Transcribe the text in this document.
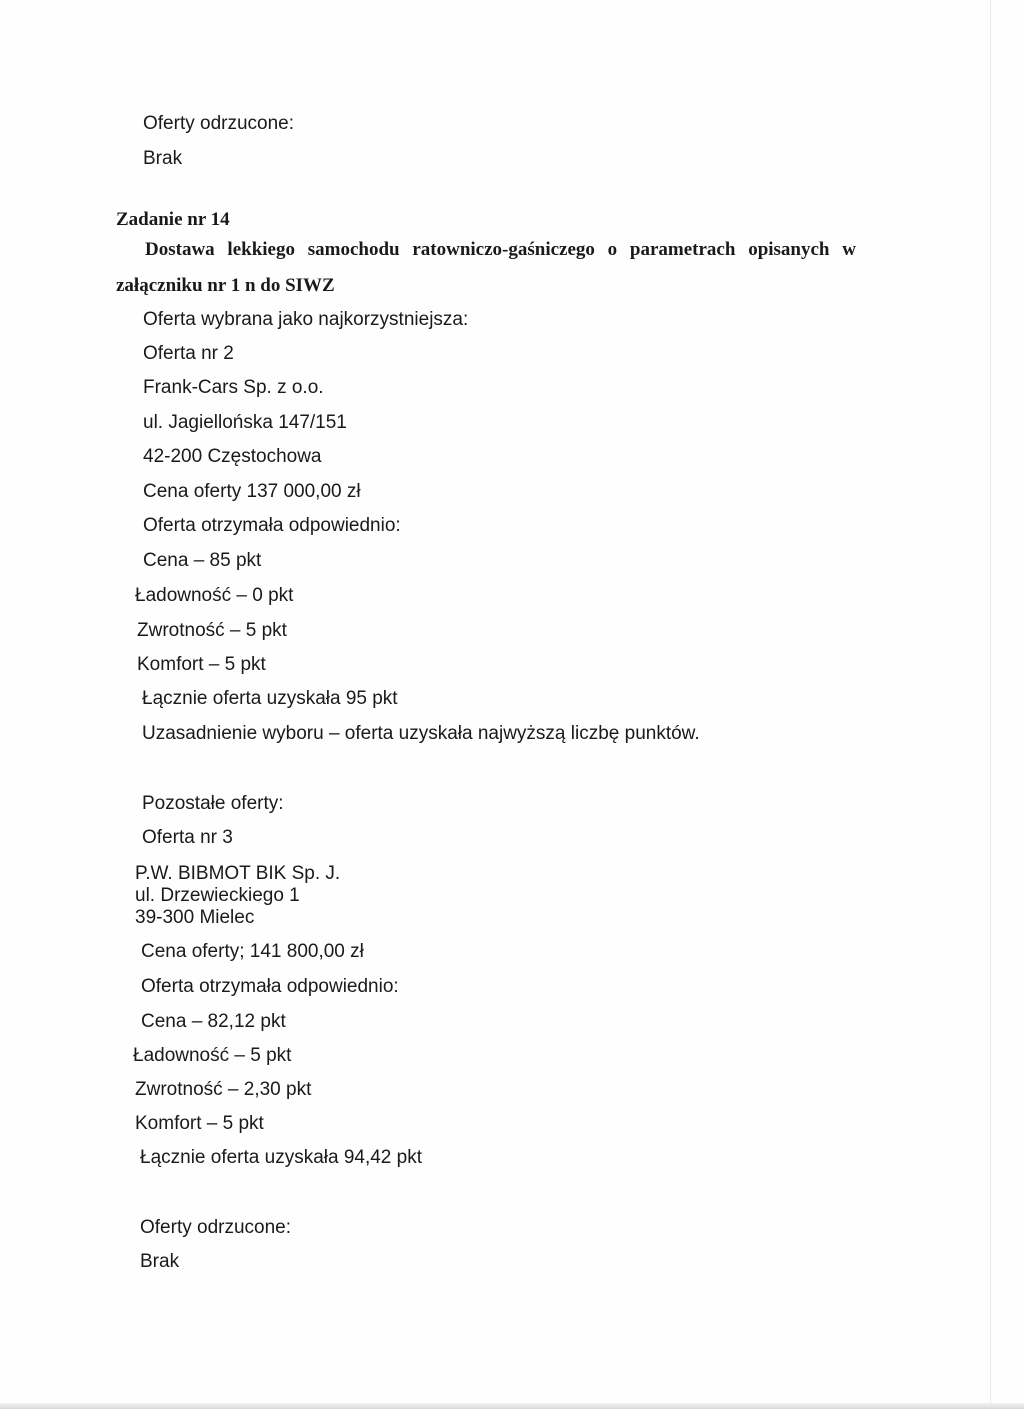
Oferty odrzucone:
Brak
Zadanie nr 14
Dostawa lekkiego samochodu ratowniczo-gaśniczego o parametrach opisanych w
załączniku nr 1 n do SIWZ
Oferta wybrana jako najkorzystniejsza:
Oferta nr 2
Frank-Cars Sp. z o.o.
ul. Jagiellońska 147/151
42-200 Częstochowa
Cena oferty 137 000,00 zł
Oferta otrzymała odpowiednio:
Cena – 85 pkt
Ładowność – 0 pkt
Zwrotność – 5 pkt
Komfort – 5 pkt
Łącznie oferta uzyskała 95 pkt
Uzasadnienie wyboru – oferta uzyskała najwyższą liczbę punktów.
Pozostałe oferty:
Oferta nr 3
P.W. BIBMOT BIK Sp. J.
ul. Drzewieckiego 1
39-300 Mielec
Cena oferty; 141 800,00 zł
Oferta otrzymała odpowiednio:
Cena – 82,12 pkt
Ładowność – 5 pkt
Zwrotność – 2,30 pkt
Komfort – 5 pkt
Łącznie oferta uzyskała 94,42 pkt
Oferty odrzucone:
Brak
